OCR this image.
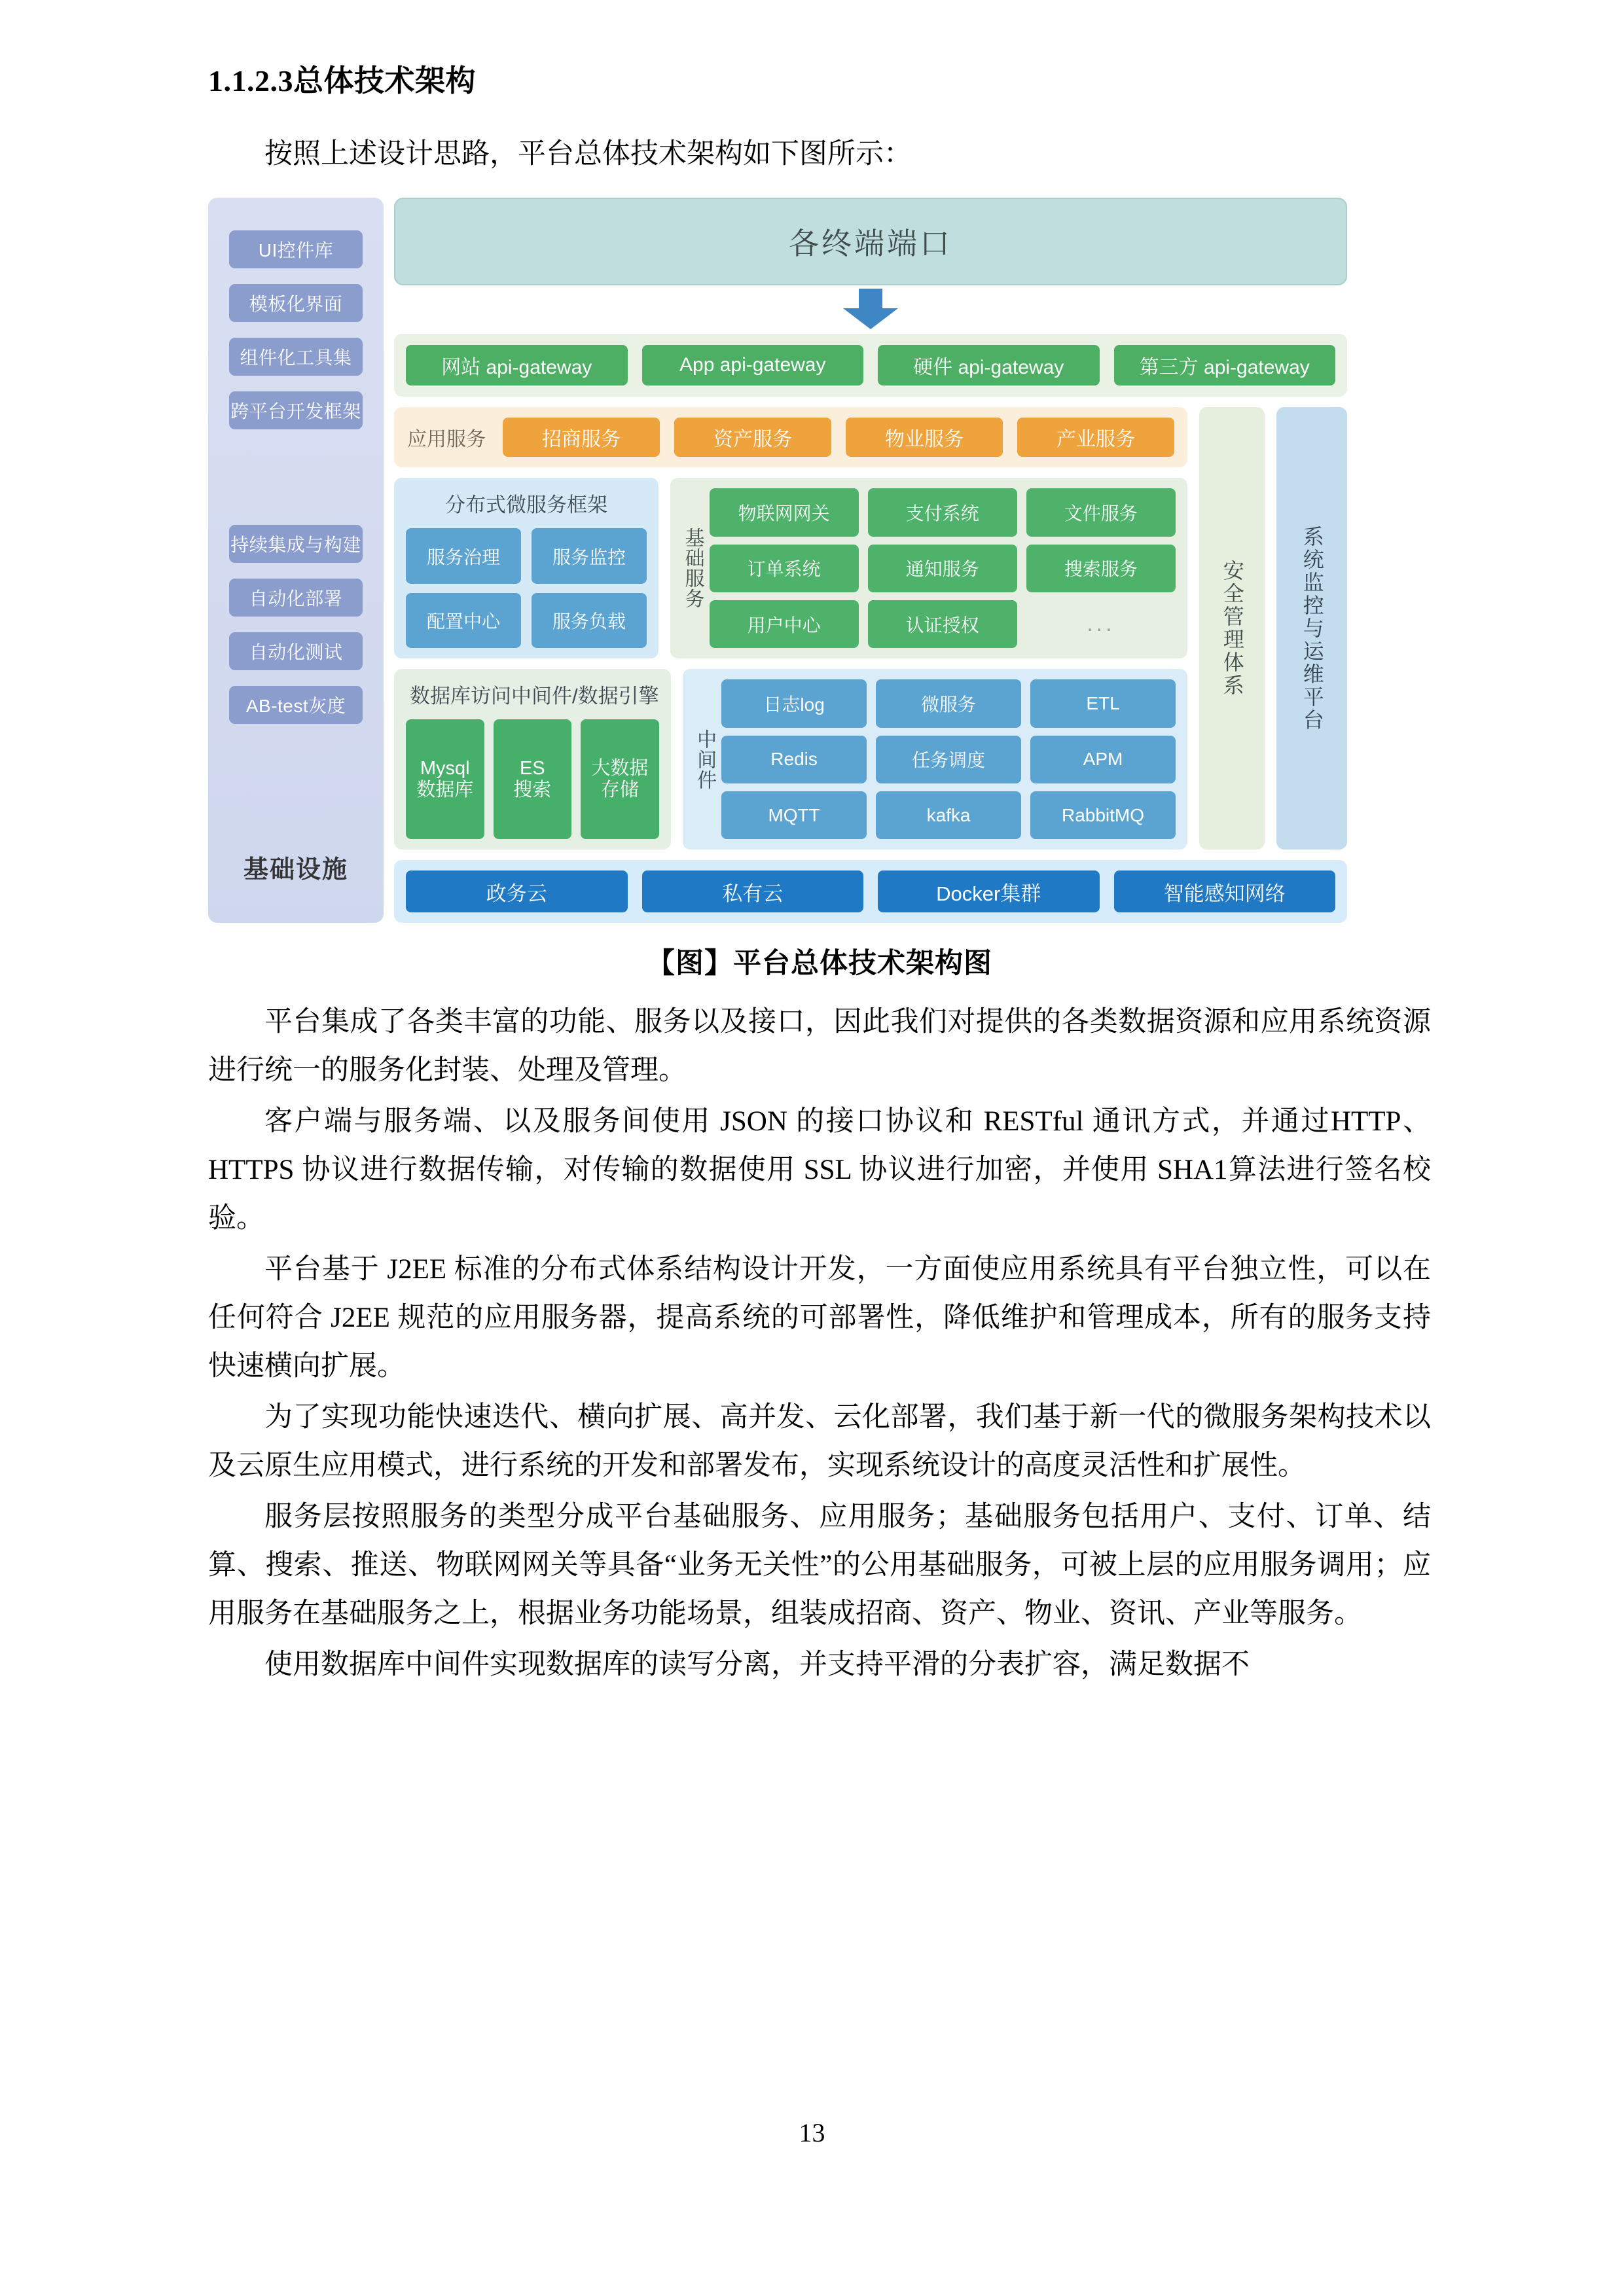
1.1.2.3总体技术架构

按照上述设计思路，平台总体技术架构如下图所示：

UI控件库
模板化界面
组件化工具集
跨平台开发框架
持续集成与构建
自动化部署
自动化测试
AB-test灰度
基础设施
各终端端口
网站 api-gateway	App api-gateway	硬件 api-gateway	第三方 api-gateway
应用服务	招商服务	资产服务	物业服务	产业服务
分布式微服务框架
服务治理	服务监控
配置中心	服务负载
基础服务
物联网网关	支付系统	文件服务
订单系统	通知服务	搜索服务
用户中心	认证授权	...
数据库访问中间件/数据引擎
Mysql
数据库
ES
搜索
大数据
存储	中间件
日志log	微服务	ETL
Redis	任务调度	APM
MQTT	kafka	RabbitMQ
安全管理体系	系统监控与运维平台
政务云	私有云	Docker集群	智能感知网络
【图】平台总体技术架构图

平台集成了各类丰富的功能、服务以及接口，因此我们对提供的各类数据资源和应用系统资源进行统一的服务化封装、处理及管理。

客户端与服务端、以及服务间使用 JSON 的接口协议和 RESTful 通讯方式，并通过HTTP、HTTPS 协议进行数据传输，对传输的数据使用 SSL 协议进行加密，并使用 SHA1算法进行签名校验。

平台基于 J2EE 标准的分布式体系结构设计开发，一方面使应用系统具有平台独立性，可以在任何符合 J2EE 规范的应用服务器，提高系统的可部署性，降低维护和管理成本，所有的服务支持快速横向扩展。

为了实现功能快速迭代、横向扩展、高并发、云化部署，我们基于新一代的微服务架构技术以及云原生应用模式，进行系统的开发和部署发布，实现系统设计的高度灵活性和扩展性。

服务层按照服务的类型分成平台基础服务、应用服务；基础服务包括用户、支付、订单、结算、搜索、推送、物联网网关等具备“业务无关性”的公用基础服务，可被上层的应用服务调用；应用服务在基础服务之上，根据业务功能场景，组装成招商、资产、物业、资讯、产业等服务。

使用数据库中间件实现数据库的读写分离，并支持平滑的分表扩容，满足数据不

13
